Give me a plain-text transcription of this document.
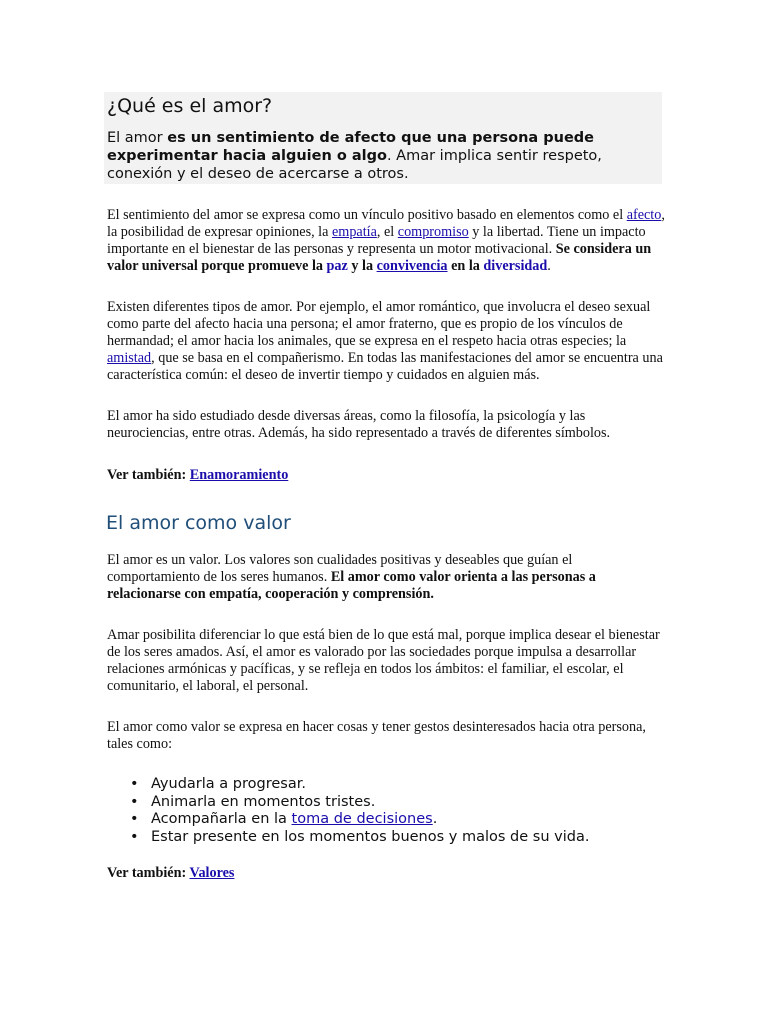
¿Qué es el amor?

El amor es un sentimiento de afecto que una persona puede experimentar hacia alguien o algo. Amar implica sentir respeto, conexión y el deseo de acercarse a otros.

El sentimiento del amor se expresa como un vínculo positivo basado en elementos como el afecto, la posibilidad de expresar opiniones, la empatía, el compromiso y la libertad. Tiene un impacto importante en el bienestar de las personas y representa un motor motivacional. Se considera un valor universal porque promueve la paz y la convivencia en la diversidad.

Existen diferentes tipos de amor. Por ejemplo, el amor romántico, que involucra el deseo sexual como parte del afecto hacia una persona; el amor fraterno, que es propio de los vínculos de hermandad; el amor hacia los animales, que se expresa en el respeto hacia otras especies; la amistad, que se basa en el compañerismo. En todas las manifestaciones del amor se encuentra una característica común: el deseo de invertir tiempo y cuidados en alguien más.

El amor ha sido estudiado desde diversas áreas, como la filosofía, la psicología y las neurociencias, entre otras. Además, ha sido representado a través de diferentes símbolos.

Ver también: Enamoramiento

El amor como valor

El amor es un valor. Los valores son cualidades positivas y deseables que guían el comportamiento de los seres humanos. El amor como valor orienta a las personas a relacionarse con empatía, cooperación y comprensión.

Amar posibilita diferenciar lo que está bien de lo que está mal, porque implica desear el bienestar de los seres amados. Así, el amor es valorado por las sociedades porque impulsa a desarrollar relaciones armónicas y pacíficas, y se refleja en todos los ámbitos: el familiar, el escolar, el comunitario, el laboral, el personal.

El amor como valor se expresa en hacer cosas y tener gestos desinteresados hacia otra persona, tales como:

• Ayudarla a progresar.
• Animarla en momentos tristes.
• Acompañarla en la toma de decisiones.
• Estar presente en los momentos buenos y malos de su vida.

Ver también: Valores
